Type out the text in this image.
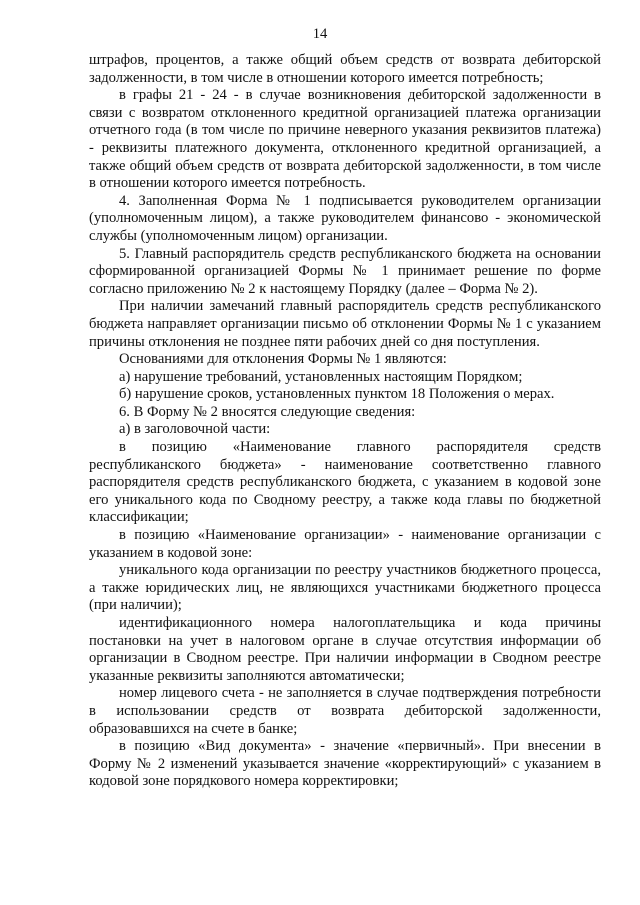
14

штрафов, процентов, а также общий объем средств от возврата дебиторской задолженности, в том числе в отношении которого имеется потребность;

в графы 21 - 24 - в случае возникновения дебиторской задолженности в связи с возвратом отклоненного кредитной организацией платежа организации отчетного года (в том числе по причине неверного указания реквизитов платежа) - реквизиты платежного документа, отклоненного кредитной организацией, а также общий объем средств от возврата дебиторской задолженности, в том числе в отношении которого имеется потребность.

4. Заполненная Форма № 1 подписывается руководителем организации (уполномоченным лицом), а также руководителем финансово - экономической службы (уполномоченным лицом) организации.

5. Главный распорядитель средств республиканского бюджета на основании сформированной организацией Формы № 1 принимает решение по форме согласно приложению № 2 к настоящему Порядку (далее – Форма № 2).

При наличии замечаний главный распорядитель средств республиканского бюджета направляет организации письмо об отклонении Формы № 1 с указанием причины отклонения не позднее пяти рабочих дней со дня поступления.

Основаниями для отклонения Формы № 1 являются:

а) нарушение требований, установленных настоящим Порядком;

б) нарушение сроков, установленных пунктом 18 Положения о мерах.

6. В Форму № 2 вносятся следующие сведения:

а) в заголовочной части:

в позицию «Наименование главного распорядителя средств республиканского бюджета» - наименование соответственно главного распорядителя средств республиканского бюджета, с указанием в кодовой зоне его уникального кода по Сводному реестру, а также кода главы по бюджетной классификации;

в позицию «Наименование организации» - наименование организации с указанием в кодовой зоне:

уникального кода организации по реестру участников бюджетного процесса, а также юридических лиц, не являющихся участниками бюджетного процесса (при наличии);

идентификационного номера налогоплательщика и кода причины постановки на учет в налоговом органе в случае отсутствия информации об организации в Сводном реестре. При наличии информации в Сводном реестре указанные реквизиты заполняются автоматически;

номер лицевого счета - не заполняется в случае подтверждения потребности в использовании средств от возврата дебиторской задолженности, образовавшихся на счете в банке;

в позицию «Вид документа» - значение «первичный». При внесении в Форму № 2 изменений указывается значение «корректирующий» с указанием в кодовой зоне порядкового номера корректировки;
